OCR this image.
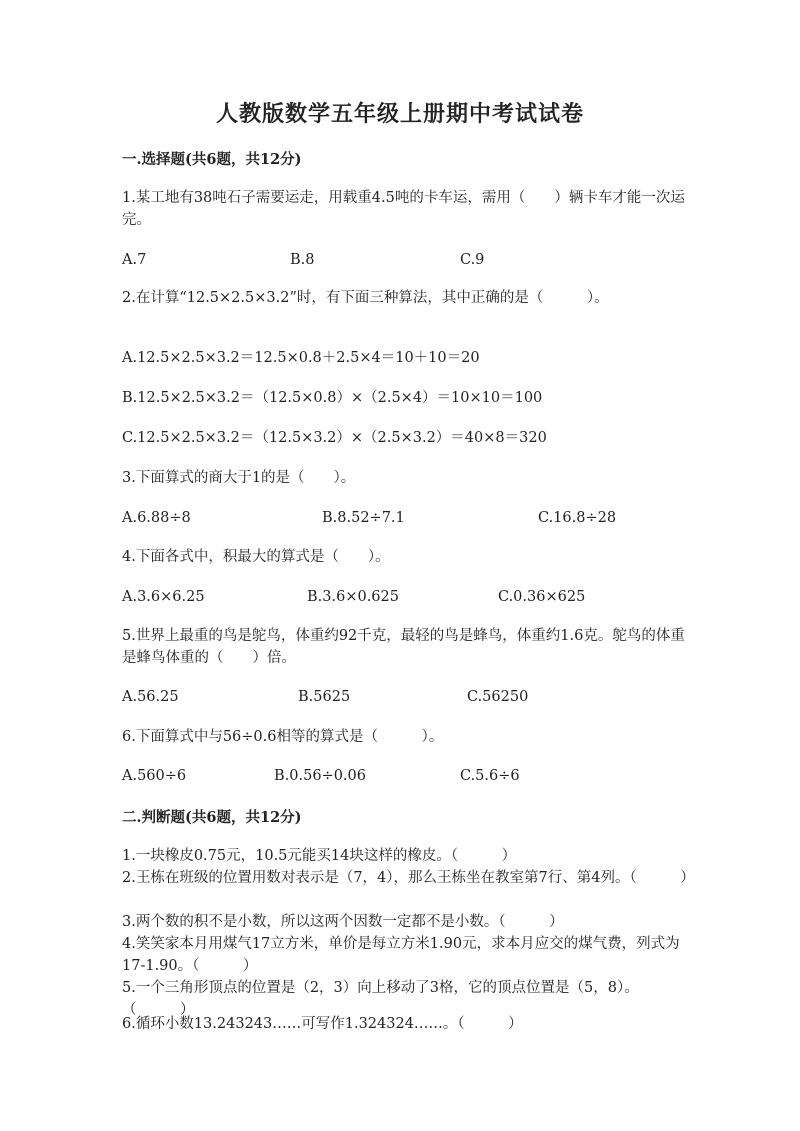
人教版数学五年级上册期中考试试卷
一.选择题(共6题，共12分)
1.某工地有38吨石子需要运走，用载重4.5吨的卡车运，需用（　　）辆卡车才能一次运完。
A.7	B.8	C.9
2.在计算“12.5×2.5×3.2”时，有下面三种算法，其中正确的是（　　　）。
A.12.5×2.5×3.2＝12.5×0.8＋2.5×4＝10＋10＝20
B.12.5×2.5×3.2＝（12.5×0.8）×（2.5×4）＝10×10＝100
C.12.5×2.5×3.2＝（12.5×3.2）×（2.5×3.2）＝40×8＝320
3.下面算式的商大于1的是（　　）。
A.6.88÷8	B.8.52÷7.1	C.16.8÷28
4.下面各式中，积最大的算式是（　　）。
A.3.6×6.25	B.3.6×0.625	C.0.36×625
5.世界上最重的鸟是鸵鸟，体重约92千克，最轻的鸟是蜂鸟，体重约1.6克。鸵鸟的体重是蜂鸟体重的（　　）倍。
A.56.25	B.5625	C.56250
6.下面算式中与56÷0.6相等的算式是（　　　）。
A.560÷6	B.0.56÷0.06	C.5.6÷6
二.判断题(共6题，共12分)
1.一块橡皮0.75元，10.5元能买14块这样的橡皮。（　　　）
2.王栋在班级的位置用数对表示是（7，4），那么王栋坐在教室第7行、第4列。（　　　）
3.两个数的积不是小数，所以这两个因数一定都不是小数。（　　　）
4.笑笑家本月用煤气17立方米，单价是每立方米1.90元，求本月应交的煤气费，列式为17-1.90。（　　　）
5.一个三角形顶点的位置是（2，3）向上移动了3格，它的顶点位置是（5，8）。（　　　）
6.循环小数13.243243……可写作1.324324……。（　　　）
